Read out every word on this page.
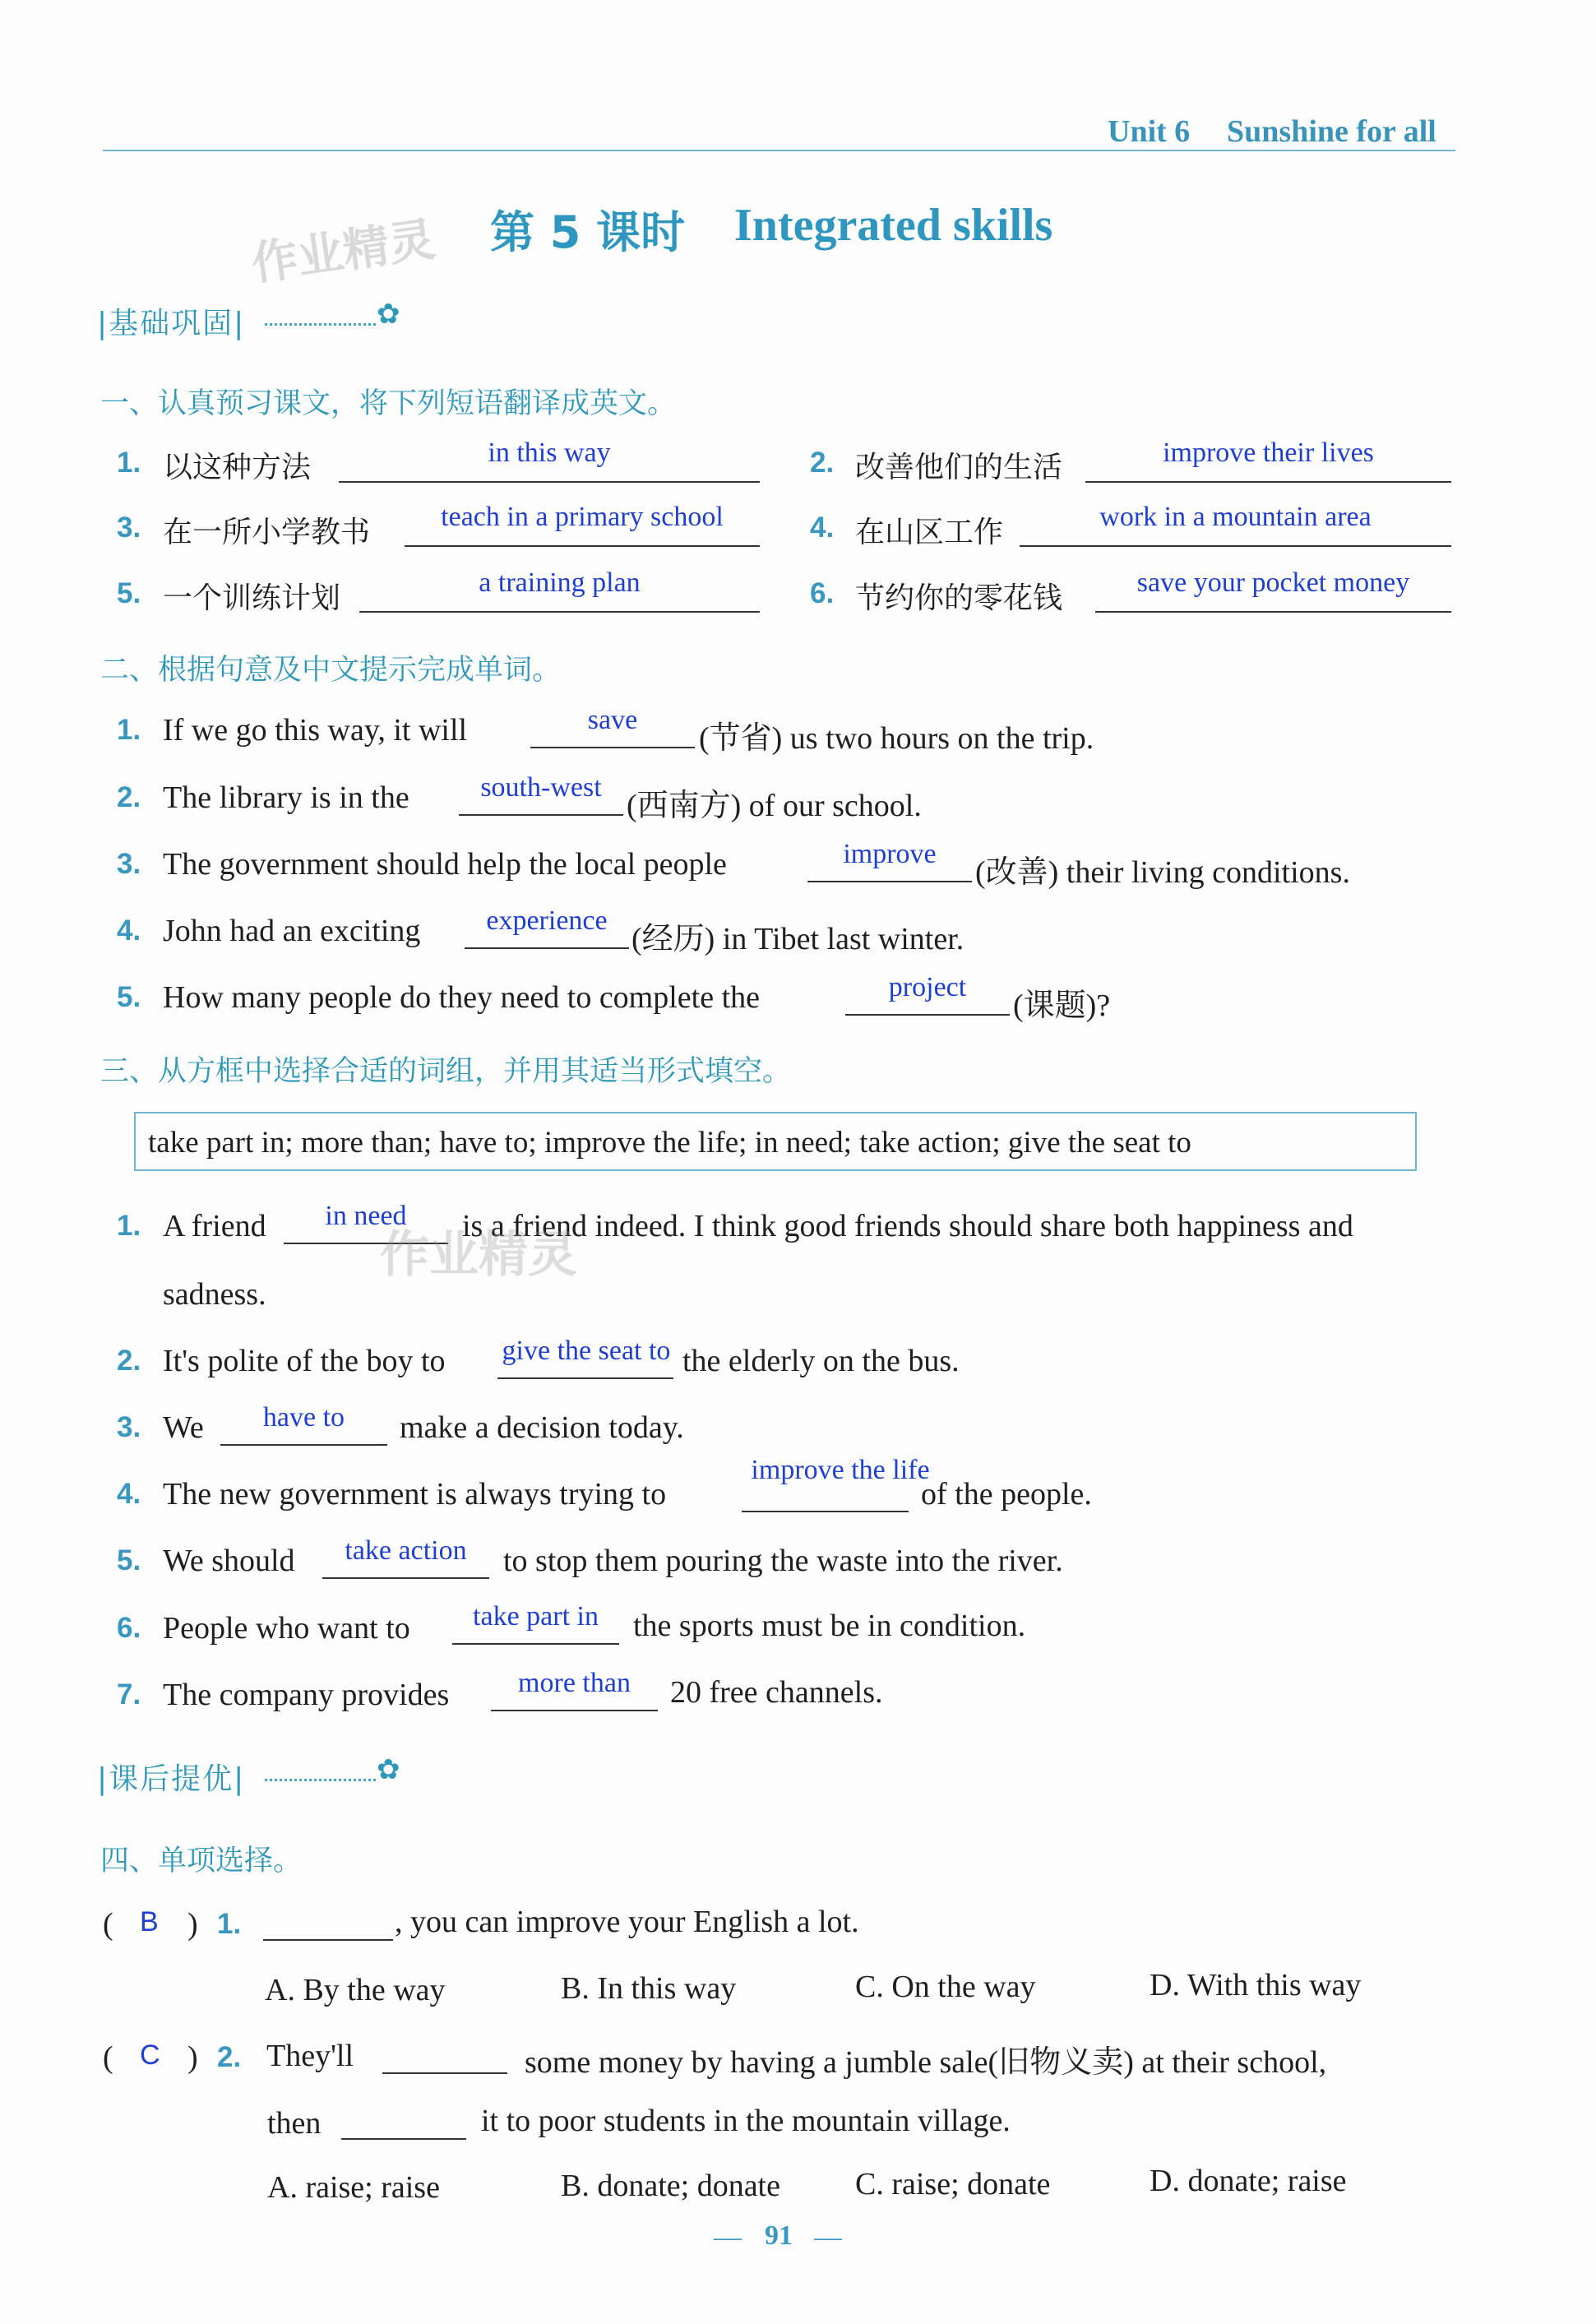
Unit 6 Sunshine for all
作业精灵 第 5 课时 Integrated skills
|基础巩固|	✿
一、认真预习课文，将下列短语翻译成英文。
1. 以这种方法	in this way	2. 改善他们的生活	improve their lives
3. 在一所小学教书	teach in a primary school	4. 在山区工作	work in a mountain area
5. 一个训练计划	a training plan	6. 节约你的零花钱	save your pocket money
二、根据句意及中文提示完成单词。
1. If we go this way, it will	save
(节省) us two hours on the trip.
2. The library is in the	south-west
(西南方) of our school.
3. The government should help the local people	improve
(改善) their living conditions.
4. John had an exciting	experience
(经历) in Tibet last winter.
5. How many people do they need to complete the	project
(课题)?
三、从方框中选择合适的词组，并用其适当形式填空。
take part in; more than; have to; improve the life; in need; take action; give the seat to
1. A friend	in need	is a friend indeed. I think good friends should share both happiness and
作业精灵
sadness.
2. It's polite of the boy to	give the seat to the elderly on the bus.
3. We	have to	make a decision today.
4. The new government is always trying to
improve the life
of the people.
5. We should	take action	to stop them pouring the waste into the river.
6. People who want to	take part in	the sports must be in condition.
7. The company provides	more than	20 free channels.
|课后提优|	✿
四、单项选择。
( B ) 1.	, you can improve your English a lot.
A. By the way	B. In this way	C. On the way	D. With this way
( C ) 2. They'll	some money by having a jumble sale(旧物义卖) at their school,
then	it to poor students in the mountain village.
A. raise; raise	B. donate; donate C. raise; donate	D. donate; raise
— 91 —
